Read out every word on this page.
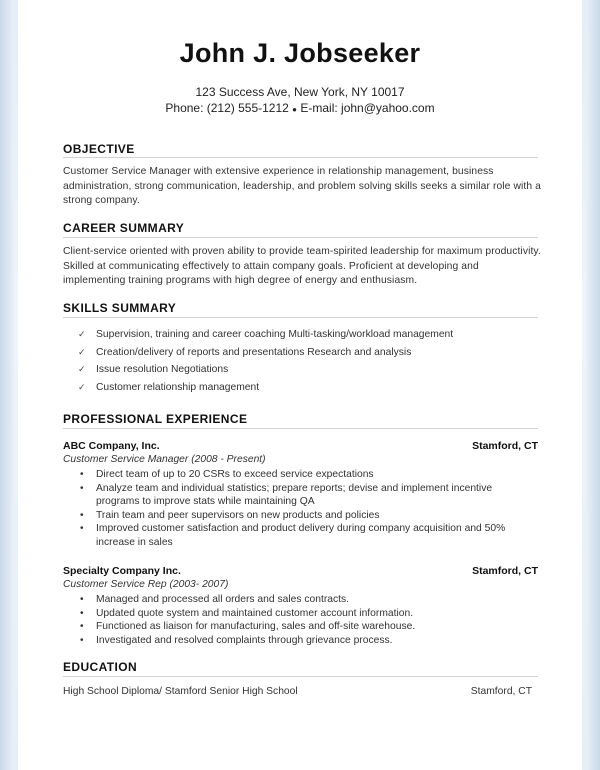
John J. Jobseeker
123 Success Ave, New York, NY 10017
Phone: (212) 555-1212 ● E-mail: john@yahoo.com
OBJECTIVE
Customer Service Manager with extensive experience in relationship management, business administration, strong communication, leadership, and problem solving skills seeks a similar role with a strong company.
CAREER SUMMARY
Client-service oriented with proven ability to provide team-spirited leadership for maximum productivity. Skilled at communicating effectively to attain company goals. Proficient at developing and implementing training programs with high degree of energy and enthusiasm.
SKILLS SUMMARY
✓ Supervision, training and career coaching Multi-tasking/workload management
✓ Creation/delivery of reports and presentations Research and analysis
✓ Issue resolution Negotiations
✓ Customer relationship management
PROFESSIONAL EXPERIENCE
ABC Company, Inc.	Stamford, CT
Customer Service Manager (2008 - Present)
• Direct team of up to 20 CSRs to exceed service expectations
• Analyze team and individual statistics; prepare reports; devise and implement incentive programs to improve stats while maintaining QA
• Train team and peer supervisors on new products and policies
• Improved customer satisfaction and product delivery during company acquisition and 50% increase in sales
Specialty Company Inc.	Stamford, CT
Customer Service Rep (2003- 2007)
• Managed and processed all orders and sales contracts.
• Updated quote system and maintained customer account information.
• Functioned as liaison for manufacturing, sales and off-site warehouse.
• Investigated and resolved complaints through grievance process.
EDUCATION
High School Diploma/ Stamford Senior High School	Stamford, CT
